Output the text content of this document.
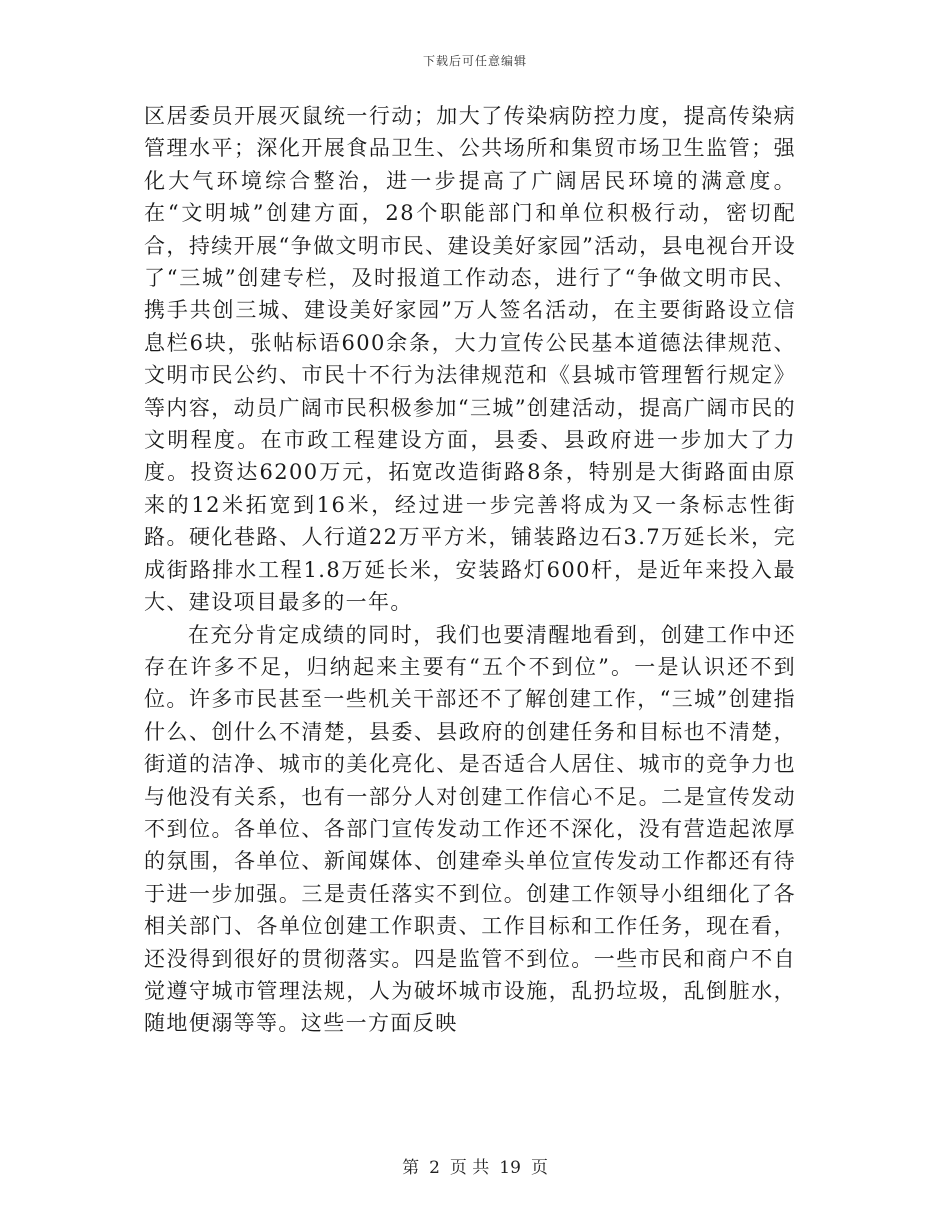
下载后可任意编辑

区居委员开展灭鼠统一行动；加大了传染病防控力度，提高传染病管理水平；深化开展食品卫生、公共场所和集贸市场卫生监管；强化大气环境综合整治，进一步提高了广阔居民环境的满意度。在“文明城”创建方面，28个职能部门和单位积极行动，密切配合，持续开展“争做文明市民、建设美好家园”活动，县电视台开设了“三城”创建专栏，及时报道工作动态，进行了“争做文明市民、携手共创三城、建设美好家园”万人签名活动，在主要街路设立信息栏6块，张帖标语600余条，大力宣传公民基本道德法律规范、文明市民公约、市民十不行为法律规范和《县城市管理暂行规定》等内容，动员广阔市民积极参加“三城”创建活动，提高广阔市民的文明程度。在市政工程建设方面，县委、县政府进一步加大了力度。投资达6200万元，拓宽改造街路8条，特别是大街路面由原来的12米拓宽到16米，经过进一步完善将成为又一条标志性街路。硬化巷路、人行道22万平方米，铺装路边石3.7万延长米，完成街路排水工程1.8万延长米，安装路灯600杆，是近年来投入最大、建设项目最多的一年。

在充分肯定成绩的同时，我们也要清醒地看到，创建工作中还存在许多不足，归纳起来主要有“五个不到位”。一是认识还不到位。许多市民甚至一些机关干部还不了解创建工作，“三城”创建指什么、创什么不清楚，县委、县政府的创建任务和目标也不清楚，街道的洁净、城市的美化亮化、是否适合人居住、城市的竞争力也与他没有关系，也有一部分人对创建工作信心不足。二是宣传发动不到位。各单位、各部门宣传发动工作还不深化，没有营造起浓厚的氛围，各单位、新闻媒体、创建牵头单位宣传发动工作都还有待于进一步加强。三是责任落实不到位。创建工作领导小组细化了各相关部门、各单位创建工作职责、工作目标和工作任务，现在看，还没得到很好的贯彻落实。四是监管不到位。一些市民和商户不自觉遵守城市管理法规，人为破坏城市设施，乱扔垃圾，乱倒脏水，随地便溺等等。这些一方面反映

第 2 页 共 19 页
